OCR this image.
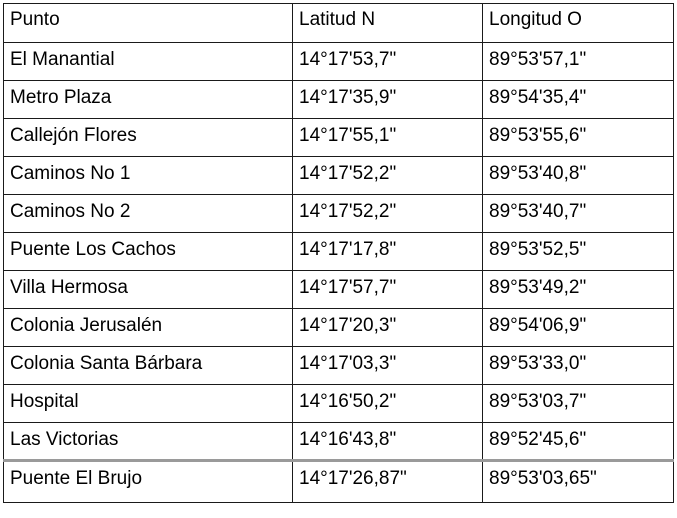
Punto	Latitud N	Longitud O
El Manantial	14°17'53,7"	89°53'57,1"
Metro Plaza	14°17'35,9"	89°54'35,4"
Callejón Flores	14°17'55,1"	89°53'55,6"
Caminos No 1	14°17'52,2"	89°53'40,8"
Caminos No 2	14°17'52,2"	89°53'40,7"
Puente Los Cachos	14°17'17,8"	89°53'52,5"
Villa Hermosa	14°17'57,7"	89°53'49,2"
Colonia Jerusalén	14°17'20,3"	89°54'06,9"
Colonia Santa Bárbara	14°17'03,3"	89°53'33,0"
Hospital	14°16'50,2"	89°53'03,7"
Las Victorias	14°16'43,8"	89°52'45,6"
Puente El Brujo	14°17'26,87"	89°53'03,65"
